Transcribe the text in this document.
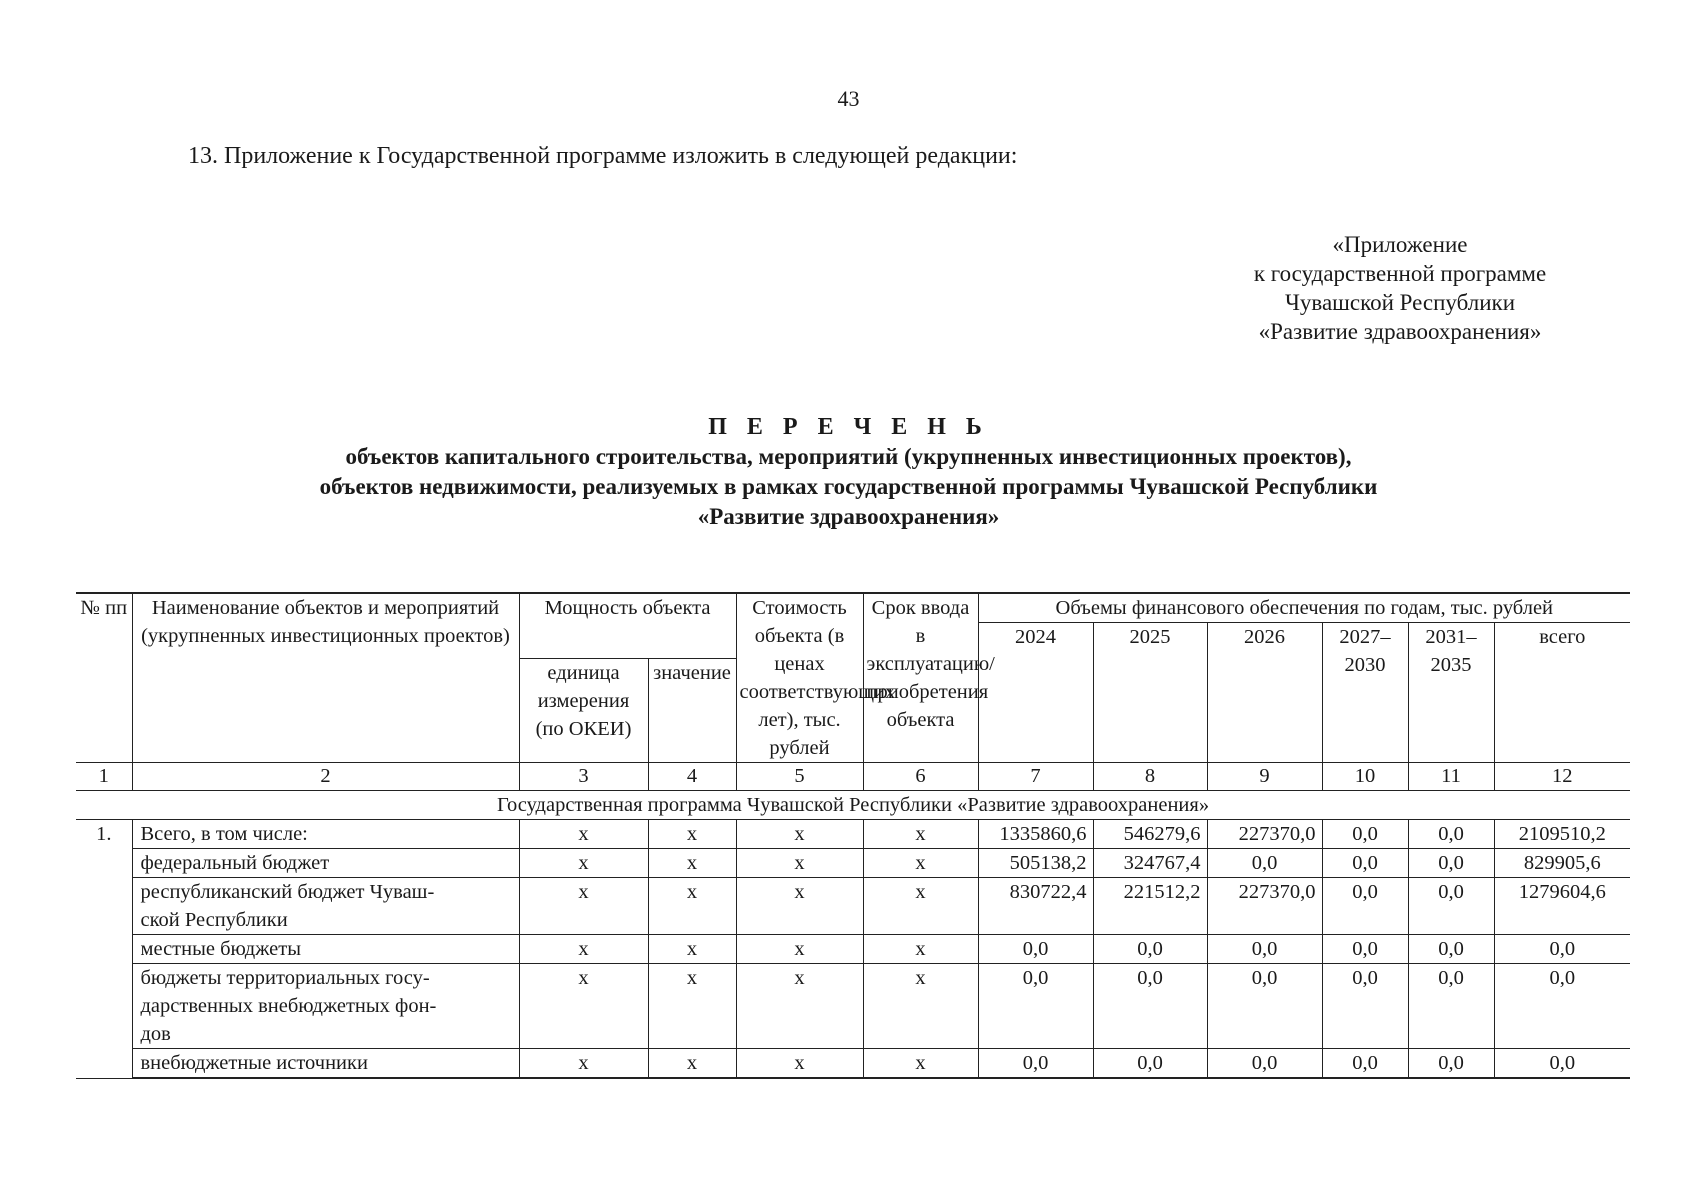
43
13. Приложение к Государственной программе изложить в следующей редакции:
«Приложение
к государственной программе
Чувашской Республики
«Развитие здравоохранения»
П Е Р Е Ч Е Н Ь
объектов капитального строительства, мероприятий (укрупненных инвестиционных проектов),
объектов недвижимости, реализуемых в рамках государственной программы Чувашской Республики
«Развитие здравоохранения»
№ пп	Наименование объектов и мероприятий (укрупненных инвестиционных проектов)	Мощность объекта		Стоимость объекта (в ценах соответствующих лет), тыс. рублей	Срок ввода в эксплуатацию/ приобретения объекта	Объемы финансового обеспечения по годам, тыс. рублей					
						2024	2025	2026	2027–2030	2031–2035	всего
		единица измерения (по ОКЕИ)	значение								
1	2	3	4	5	6	7	8	9	10	11	12
Государственная программа Чувашской Республики «Развитие здравоохранения»											
1.	Всего, в том числе:	x	x	x	x	1335860,6	546279,6	227370,0	0,0	0,0	2109510,2
	федеральный бюджет	x	x	x	x	505138,2	324767,4	0,0	0,0	0,0	829905,6
	республиканский бюджет Чуваш-
ской Республики	x	x	x	x	830722,4	221512,2	227370,0	0,0	0,0	1279604,6
	местные бюджеты	x	x	x	x	0,0	0,0	0,0	0,0	0,0	0,0
	бюджеты территориальных госу-
дарственных внебюджетных фон-
дов	x	x	x	x	0,0	0,0	0,0	0,0	0,0	0,0
	внебюджетные источники	x	x	x	x	0,0	0,0	0,0	0,0	0,0	0,0
